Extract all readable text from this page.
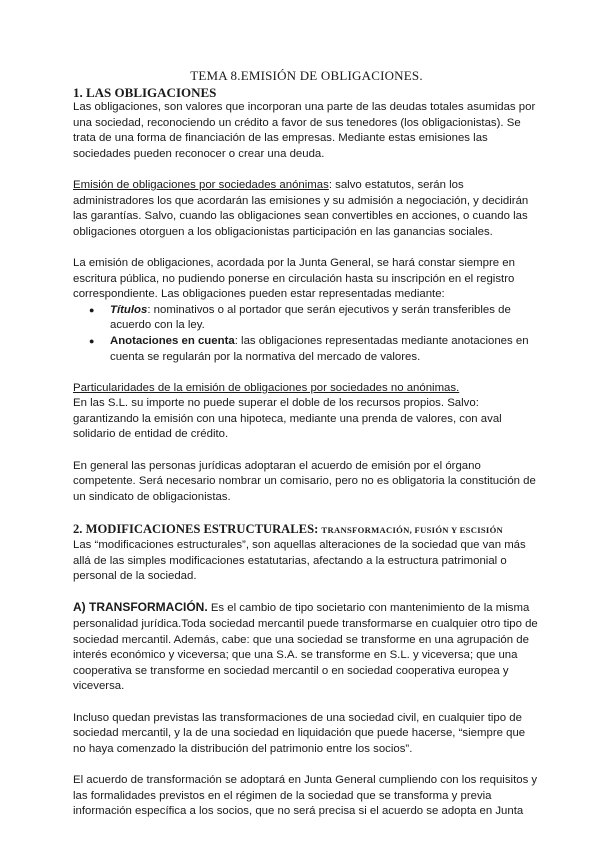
TEMA 8.EMISIÓN DE OBLIGACIONES.
1. LAS OBLIGACIONES

Las obligaciones, son valores que incorporan una parte de las deudas totales asumidas por una sociedad, reconociendo un crédito a favor de sus tenedores (los obligacionistas). Se trata de una forma de financiación de las empresas. Mediante estas emisiones las sociedades pueden reconocer o crear una deuda.

Emisión de obligaciones por sociedades anónimas: salvo estatutos, serán los administradores los que acordarán las emisiones y su admisión a negociación, y decidirán las garantías. Salvo, cuando las obligaciones sean convertibles en acciones, o cuando las obligaciones otorguen a los obligacionistas participación en las ganancias sociales.

La emisión de obligaciones, acordada por la Junta General, se hará constar siempre en escritura pública, no pudiendo ponerse en circulación hasta su inscripción en el registro correspondiente. Las obligaciones pueden estar representadas mediante:

● Títulos: nominativos o al portador que serán ejecutivos y serán transferibles de acuerdo con la ley.
● Anotaciones en cuenta: las obligaciones representadas mediante anotaciones en cuenta se regularán por la normativa del mercado de valores.

Particularidades de la emisión de obligaciones por sociedades no anónimas.

En las S.L. su importe no puede superar el doble de los recursos propios. Salvo: garantizando la emisión con una hipoteca, mediante una prenda de valores, con aval solidario de entidad de crédito.

En general las personas jurídicas adoptaran el acuerdo de emisión por el órgano competente. Será necesario nombrar un comisario, pero no es obligatoria la constitución de un sindicato de obligacionistas.

2. MODIFICACIONES ESTRUCTURALES: TRANSFORMACIÓN, FUSIÓN Y ESCISIÓN

Las “modificaciones estructurales”, son aquellas alteraciones de la sociedad que van más allá de las simples modificaciones estatutarias, afectando a la estructura patrimonial o personal de la sociedad.

A) TRANSFORMACIÓN. Es el cambio de tipo societario con mantenimiento de la misma personalidad jurídica.Toda sociedad mercantil puede transformarse en cualquier otro tipo de sociedad mercantil. Además, cabe: que una sociedad se transforme en una agrupación de interés económico y viceversa; que una S.A. se transforme en S.L. y viceversa; que una cooperativa se transforme en sociedad mercantil o en sociedad cooperativa europea y viceversa.

Incluso quedan previstas las transformaciones de una sociedad civil, en cualquier tipo de sociedad mercantil, y la de una sociedad en liquidación que puede hacerse, “siempre que no haya comenzado la distribución del patrimonio entre los socios”.

El acuerdo de transformación se adoptará en Junta General cumpliendo con los requisitos y las formalidades previstos en el régimen de la sociedad que se transforma y previa información específica a los socios, que no será precisa si el acuerdo se adopta en Junta
